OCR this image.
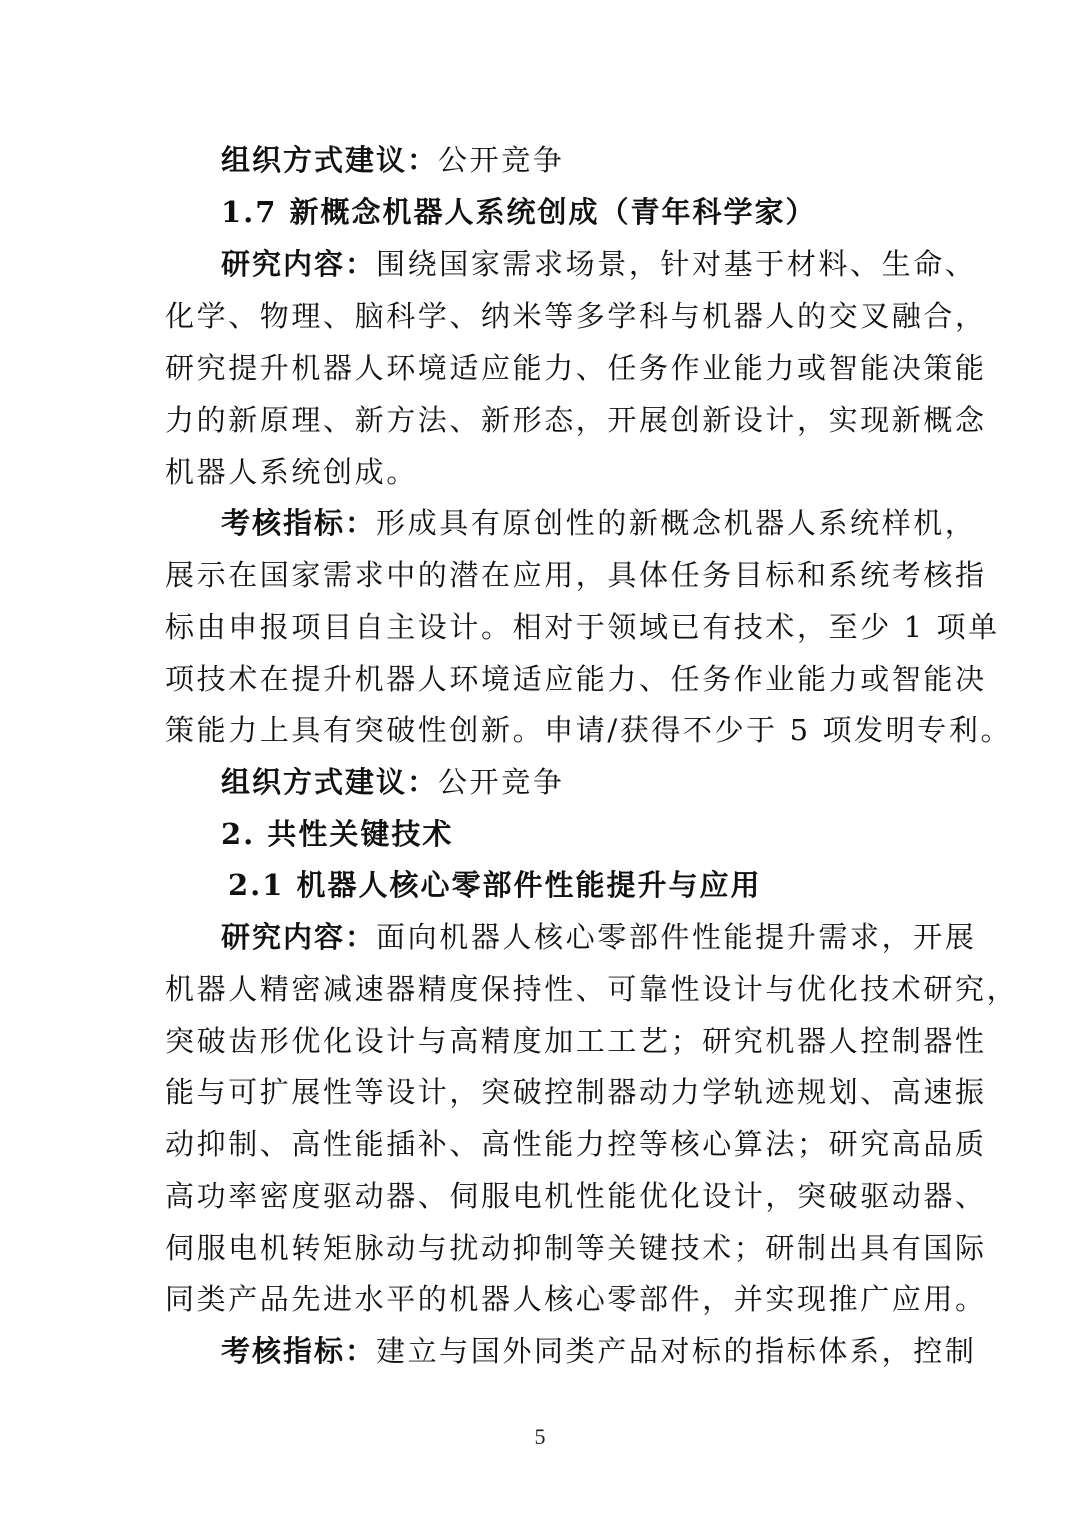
组织方式建议：公开竞争
1.7 新概念机器人系统创成（青年科学家）
研究内容：围绕国家需求场景，针对基于材料、生命、
化学、物理、脑科学、纳米等多学科与机器人的交叉融合，
研究提升机器人环境适应能力、任务作业能力或智能决策能
力的新原理、新方法、新形态，开展创新设计，实现新概念
机器人系统创成。
考核指标：形成具有原创性的新概念机器人系统样机，
展示在国家需求中的潜在应用，具体任务目标和系统考核指
标由申报项目自主设计。相对于领域已有技术，至少 1 项单
项技术在提升机器人环境适应能力、任务作业能力或智能决
策能力上具有突破性创新。申请/获得不少于 5 项发明专利。
组织方式建议：公开竞争
2. 共性关键技术
2.1 机器人核心零部件性能提升与应用
研究内容：面向机器人核心零部件性能提升需求，开展
机器人精密减速器精度保持性、可靠性设计与优化技术研究，
突破齿形优化设计与高精度加工工艺；研究机器人控制器性
能与可扩展性等设计，突破控制器动力学轨迹规划、高速振
动抑制、高性能插补、高性能力控等核心算法；研究高品质
高功率密度驱动器、伺服电机性能优化设计，突破驱动器、
伺服电机转矩脉动与扰动抑制等关键技术；研制出具有国际
同类产品先进水平的机器人核心零部件，并实现推广应用。
考核指标：建立与国外同类产品对标的指标体系，控制
5
